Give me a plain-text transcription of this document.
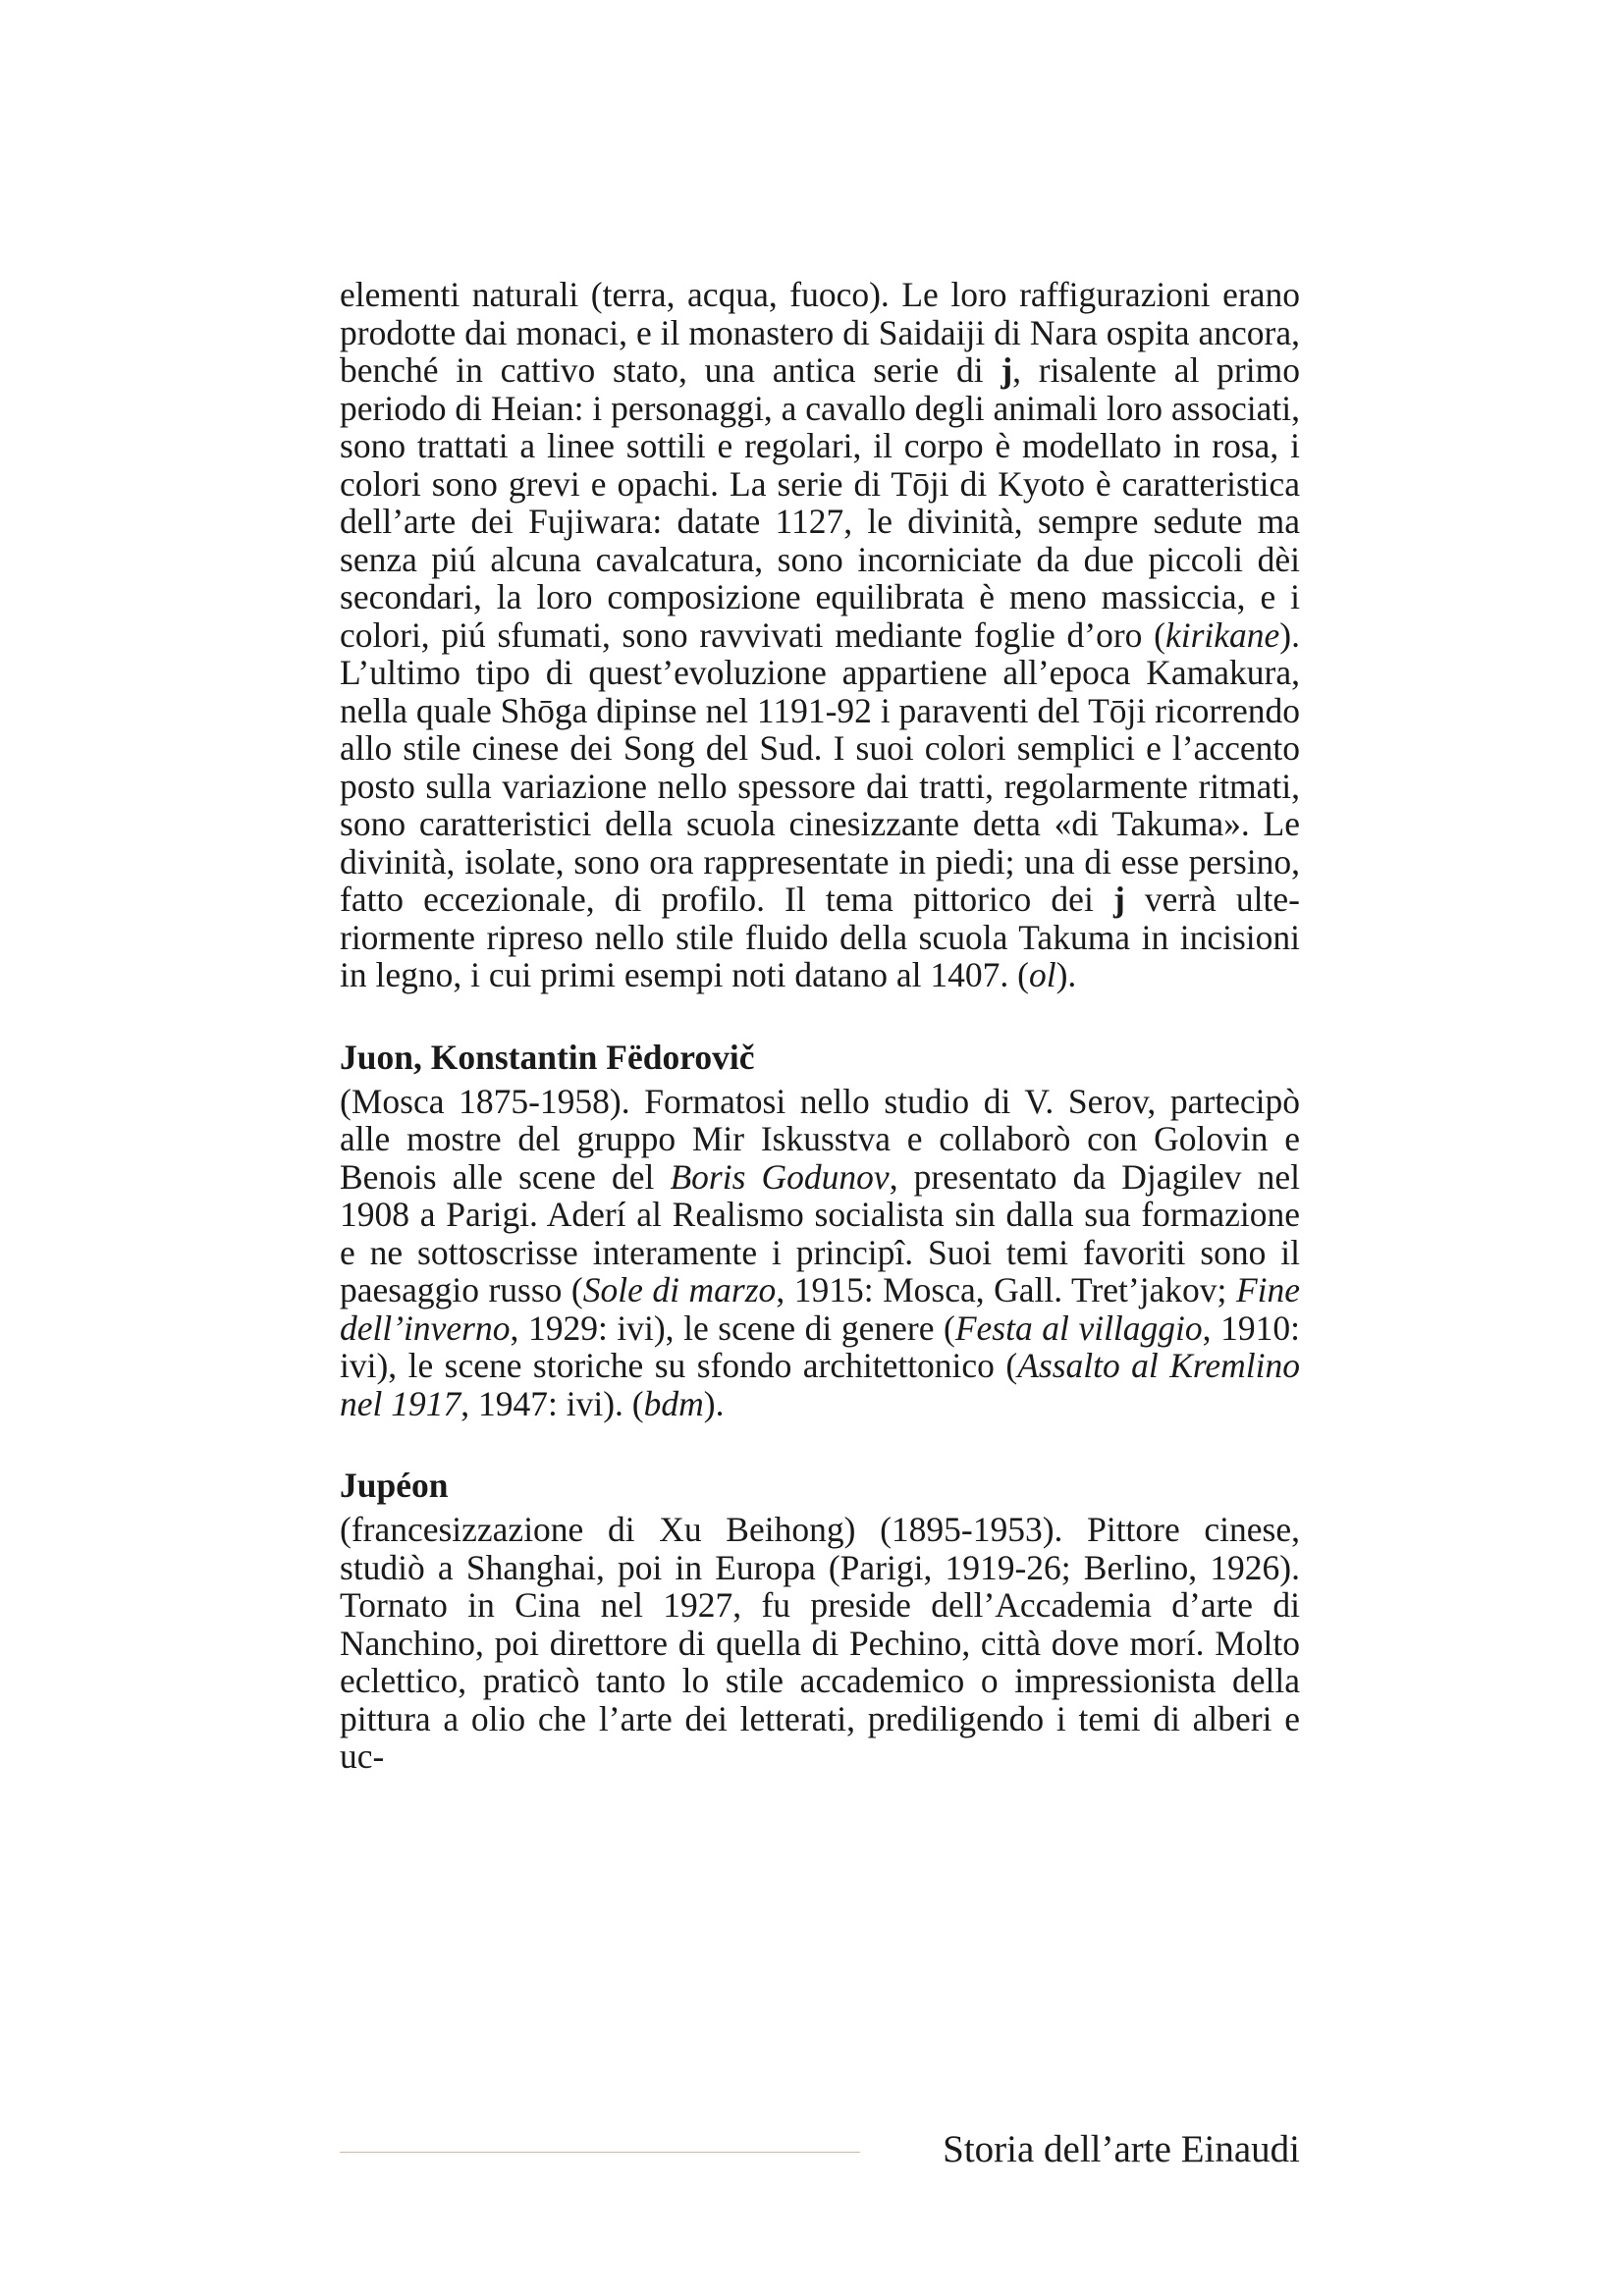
elementi naturali (terra, acqua, fuoco). Le loro raffigurazioni erano prodotte dai monaci, e il monastero di Saidaiji di Nara ospita ancora, benché in cattivo stato, una antica serie di j, risalente al primo periodo di Heian: i personaggi, a cavallo degli animali loro associati, sono trattati a linee sottili e regolari, il corpo è modellato in rosa, i colori sono grevi e opachi. La serie di Tōji di Kyoto è caratteristica dell’arte dei Fujiwara: datate 1127, le divinità, sempre sedute ma senza piú alcuna cavalcatura, sono incorniciate da due piccoli dèi secondari, la loro composizione equilibrata è meno massiccia, e i colori, piú sfumati, sono ravvivati mediante foglie d’oro (kirikane). L’ultimo tipo di quest’evoluzione appartiene all’epoca Kamakura, nella quale Shōga dipinse nel 1191-92 i paraventi del Tōji ricorrendo allo stile cinese dei Song del Sud. I suoi colori semplici e l’accento posto sulla variazione nello spessore dai tratti, regolarmente ritmati, sono caratteristici della scuola cinesizzante detta «di Takuma». Le divinità, isolate, sono ora rappresentate in piedi; una di esse persino, fatto eccezionale, di profilo. Il tema pittorico dei j verrà ulteriormente ripreso nello stile fluido della scuola Takuma in incisioni in legno, i cui primi esempi noti datano al 1407. (ol).

Juon, Konstantin Fëdorovič

(Mosca 1875-1958). Formatosi nello studio di V. Serov, partecipò alle mostre del gruppo Mir Iskusstva e collaborò con Golovin e Benois alle scene del Boris Godunov, presentato da Djagilev nel 1908 a Parigi. Aderí al Realismo socialista sin dalla sua formazione e ne sottoscrisse interamente i principî. Suoi temi favoriti sono il paesaggio russo (Sole di marzo, 1915: Mosca, Gall. Tret’jakov; Fine dell’inverno, 1929: ivi), le scene di genere (Festa al villaggio, 1910: ivi), le scene storiche su sfondo architettonico (Assalto al Kremlino nel 1917, 1947: ivi). (bdm).

Jupéon

(francesizzazione di Xu Beihong) (1895-1953). Pittore cinese, studiò a Shanghai, poi in Europa (Parigi, 1919-26; Berlino, 1926). Tornato in Cina nel 1927, fu preside dell’Accademia d’arte di Nanchino, poi direttore di quella di Pechino, città dove morí. Molto eclettico, praticò tanto lo stile accademico o impressionista della pittura a olio che l’arte dei letterati, prediligendo i temi di alberi e uc-

Storia dell’arte Einaudi
